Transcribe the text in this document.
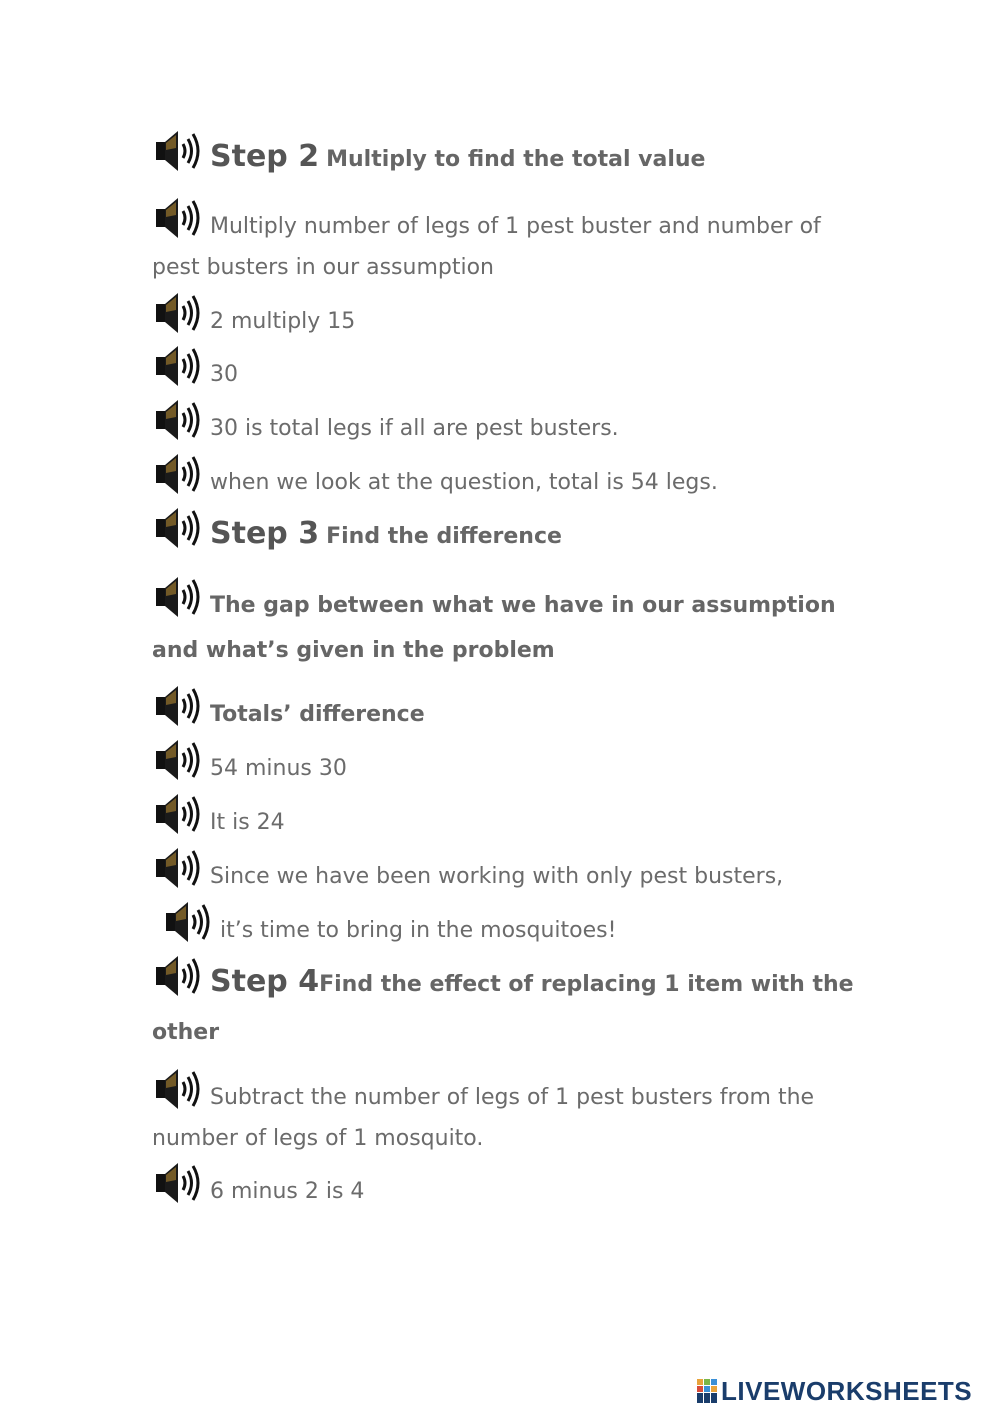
Step 2 Multiply to find the total value
Multiply number of legs of 1 pest buster and number of pest busters in our assumption
2 multiply 15
30
30 is total legs if all are pest busters.
when we look at the question, total is 54 legs.
Step 3 Find the difference
The gap between what we have in our assumption and what’s given in the problem
Totals’ difference
54 minus 30
It is 24
Since we have been working with only pest busters,
it’s time to bring in the mosquitoes!
Step 4Find the effect of replacing 1 item with the other
Subtract the number of legs of 1 pest busters from the number of legs of 1 mosquito.
6 minus 2 is 4
LIVEWORKSHEETS
